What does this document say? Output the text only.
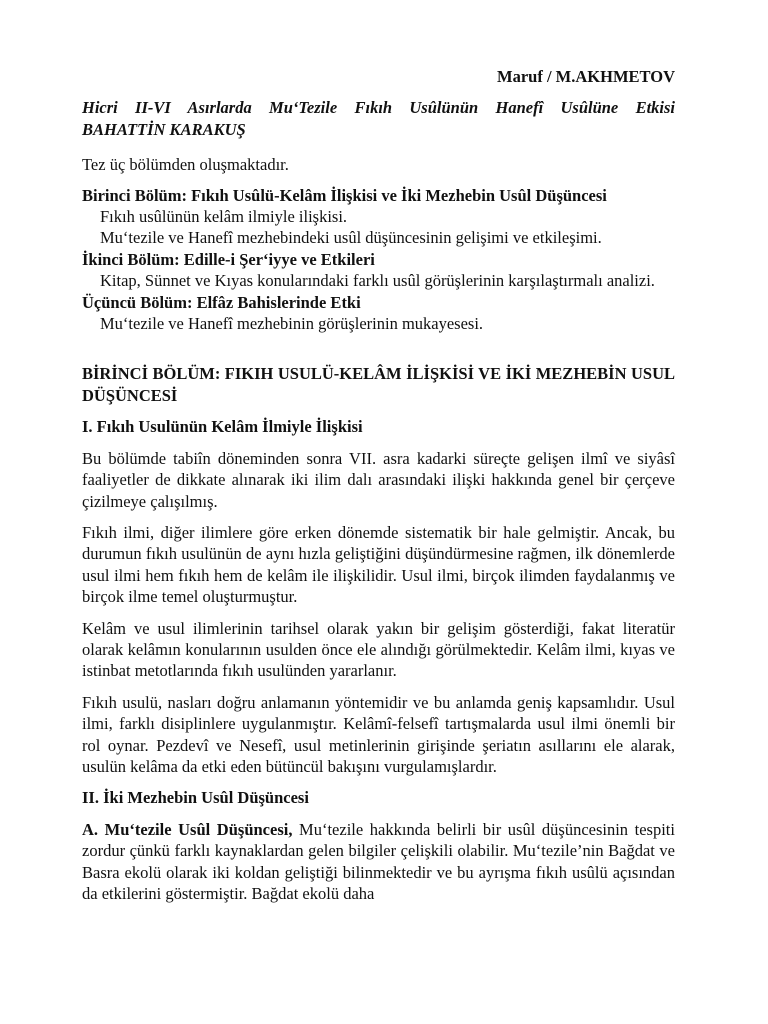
Maruf / M.AKHMETOV

Hicri II-VI Asırlarda Mu‘Tezile Fıkıh Usûlünün Hanefî Usûlüne Etkisi
BAHATTİN KARAKUŞ

Tez üç bölümden oluşmaktadır.

Birinci Bölüm: Fıkıh Usûlü-Kelâm İlişkisi ve İki Mezhebin Usûl Düşüncesi
Fıkıh usûlünün kelâm ilmiyle ilişkisi.
Mu‘tezile ve Hanefî mezhebindeki usûl düşüncesinin gelişimi ve etkileşimi.
İkinci Bölüm: Edille-i Şer‘iyye ve Etkileri
Kitap, Sünnet ve Kıyas konularındaki farklı usûl görüşlerinin karşılaştırmalı analizi.
Üçüncü Bölüm: Elfâz Bahislerinde Etki
Mu‘tezile ve Hanefî mezhebinin görüşlerinin mukayesesi.
BİRİNCİ BÖLÜM: FIKIH USULÜ-KELÂM İLİŞKİSİ VE İKİ MEZHEBİN USUL DÜŞÜNCESİ
I. Fıkıh Usulünün Kelâm İlmiyle İlişkisi

Bu bölümde tabiîn döneminden sonra VII. asra kadarki süreçte gelişen ilmî ve siyâsî faaliyetler de dikkate alınarak iki ilim dalı arasındaki ilişki hakkında genel bir çerçeve çizilmeye çalışılmış.

Fıkıh ilmi, diğer ilimlere göre erken dönemde sistematik bir hale gelmiştir. Ancak, bu durumun fıkıh usulünün de aynı hızla geliştiğini düşündürmesine rağmen, ilk dönemlerde usul ilmi hem fıkıh hem de kelâm ile ilişkilidir. Usul ilmi, birçok ilimden faydalanmış ve birçok ilme temel oluşturmuştur.

Kelâm ve usul ilimlerinin tarihsel olarak yakın bir gelişim gösterdiği, fakat literatür olarak kelâmın konularının usulden önce ele alındığı görülmektedir. Kelâm ilmi, kıyas ve istinbat metotlarında fıkıh usulünden yararlanır.

Fıkıh usulü, nasları doğru anlamanın yöntemidir ve bu anlamda geniş kapsamlıdır. Usul ilmi, farklı disiplinlere uygulanmıştır. Kelâmî-felsefî tartışmalarda usul ilmi önemli bir rol oynar. Pezdevî ve Nesefî, usul metinlerinin girişinde şeriatın asıllarını ele alarak, usulün kelâma da etki eden bütüncül bakışını vurgulamışlardır.

II. İki Mezhebin Usûl Düşüncesi

A. Mu‘tezile Usûl Düşüncesi, Mu‘tezile hakkında belirli bir usûl düşüncesinin tespiti zordur çünkü farklı kaynaklardan gelen bilgiler çelişkili olabilir. Mu‘tezile’nin Bağdat ve Basra ekolü olarak iki koldan geliştiği bilinmektedir ve bu ayrışma fıkıh usûlü açısından da etkilerini göstermiştir. Bağdat ekolü daha
